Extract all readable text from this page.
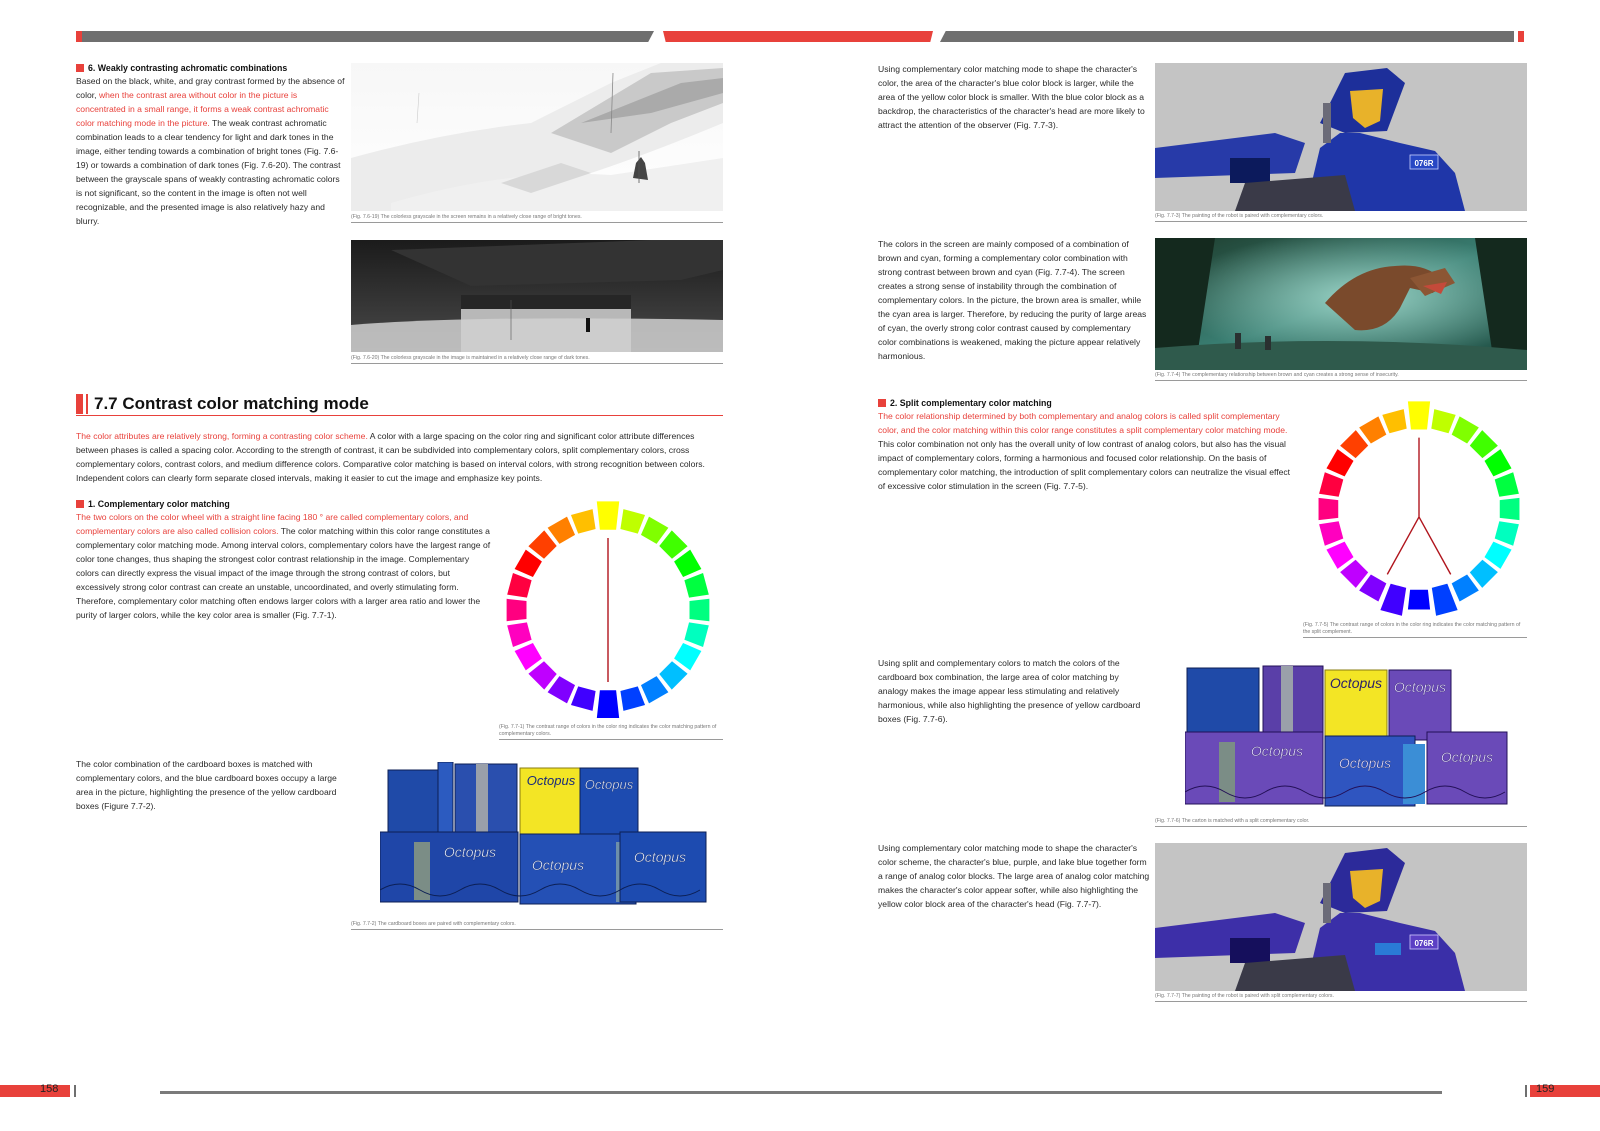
6. Weakly contrasting achromatic combinations

Based on the black, white, and gray contrast formed by the absence of color, when the contrast area without color in the picture is concentrated in a small range, it forms a weak contrast achromatic color matching mode in the picture. The weak contrast achromatic combination leads to a clear tendency for light and dark tones in the image, either tending towards a combination of bright tones (Fig. 7.6-19) or towards a combination of dark tones (Fig. 7.6-20). The contrast between the grayscale spans of weakly contrasting achromatic colors is not significant, so the content in the image is often not well recognizable, and the presented image is also relatively hazy and blurry.	(Fig. 7.6-19) The colorless grayscale in the screen remains in a relatively close range of bright tones.
(Fig. 7.6-20) The colorless grayscale in the image is maintained in a relatively close range of dark tones.
7.7 Contrast color matching mode

The color attributes are relatively strong, forming a contrasting color scheme. A color with a large spacing on the color ring and significant color attribute differences between phases is called a spacing color. According to the strength of contrast, it can be subdivided into complementary colors, split complementary colors, cross complementary colors, contrast colors, and medium difference colors. Comparative color matching is based on interval colors, with strong recognition between colors. Independent colors can clearly form separate closed intervals, making it easier to cut the image and emphasize key points.

1. Complementary color matching

The two colors on the color wheel with a straight line facing 180 ° are called complementary colors, and complementary colors are also called collision colors. The color matching within this color range constitutes a complementary color matching mode. Among interval colors, complementary colors have the largest range of color tone changes, thus shaping the strongest color contrast relationship in the image. Complementary colors can directly express the visual impact of the image through the strong contrast of colors, but excessively strong color contrast can create an unstable, uncoordinated, and overly stimulating form. Therefore, complementary color matching often endows larger colors with a larger area ratio and lower the purity of larger colors, while the key color area is smaller (Fig. 7.7-1).

(Fig. 7.7-1) The contrast range of colors in the color ring indicates the color matching pattern of complementary colors.

The color combination of the cardboard boxes is matched with complementary colors, and the blue cardboard boxes occupy a large area in the picture, highlighting the presence of the yellow cardboard boxes (Figure 7.7-2).

Octopus Octopus
Octopus
Octopus	Octopus
(Fig. 7.7-2) The cardboard boxes are paired with complementary colors.

Using complementary color matching mode to shape the character's color, the area of the character's blue color block is larger, while the area of the yellow color block is smaller. With the blue color block as a backdrop, the characteristics of the character's head are more likely to attract the attention of the observer (Fig. 7.7-3).

076R
(Fig. 7.7-3) The painting of the robot is paired with complementary colors.

The colors in the screen are mainly composed of a combination of brown and cyan, forming a complementary color combination with strong contrast between brown and cyan (Fig. 7.7-4). The screen creates a strong sense of instability through the combination of complementary colors. In the picture, the brown area is smaller, while the cyan area is larger. Therefore, by reducing the purity of large areas of cyan, the overly strong color contrast caused by complementary color combinations is weakened, making the picture appear relatively harmonious.

(Fig. 7.7-4) The complementary relationship between brown and cyan creates a strong sense of insecurity.
2. Split complementary color matching

The color relationship determined by both complementary and analog colors is called split complementary color, and the color matching within this color range constitutes a split complementary color matching mode. This color combination not only has the overall unity of low contrast of analog colors, but also has the visual impact of complementary colors, forming a harmonious and focused color relationship. On the basis of complementary color matching, the introduction of split complementary colors can neutralize the visual effect of excessive color stimulation in the screen (Fig. 7.7-5).

(Fig. 7.7-5) The contrast range of colors in the color ring indicates the color matching pattern of the split complement.

Using split and complementary colors to match the colors of the cardboard box combination, the large area of color matching by analogy makes the image appear less stimulating and relatively harmonious, while also highlighting the presence of yellow cardboard boxes (Fig. 7.7-6).

Octopus Octopus
Octopus
Octopus	Octopus
(Fig. 7.7-6) The carton is matched with a split complementary color.

Using complementary color matching mode to shape the character's color scheme, the character's blue, purple, and lake blue together form a range of analog color blocks. The large area of analog color matching makes the character's color appear softer, while also highlighting the yellow color block area of the character's head (Fig. 7.7-7).

076R
(Fig. 7.7-7) The painting of the robot is paired with split complementary colors.
158	159
